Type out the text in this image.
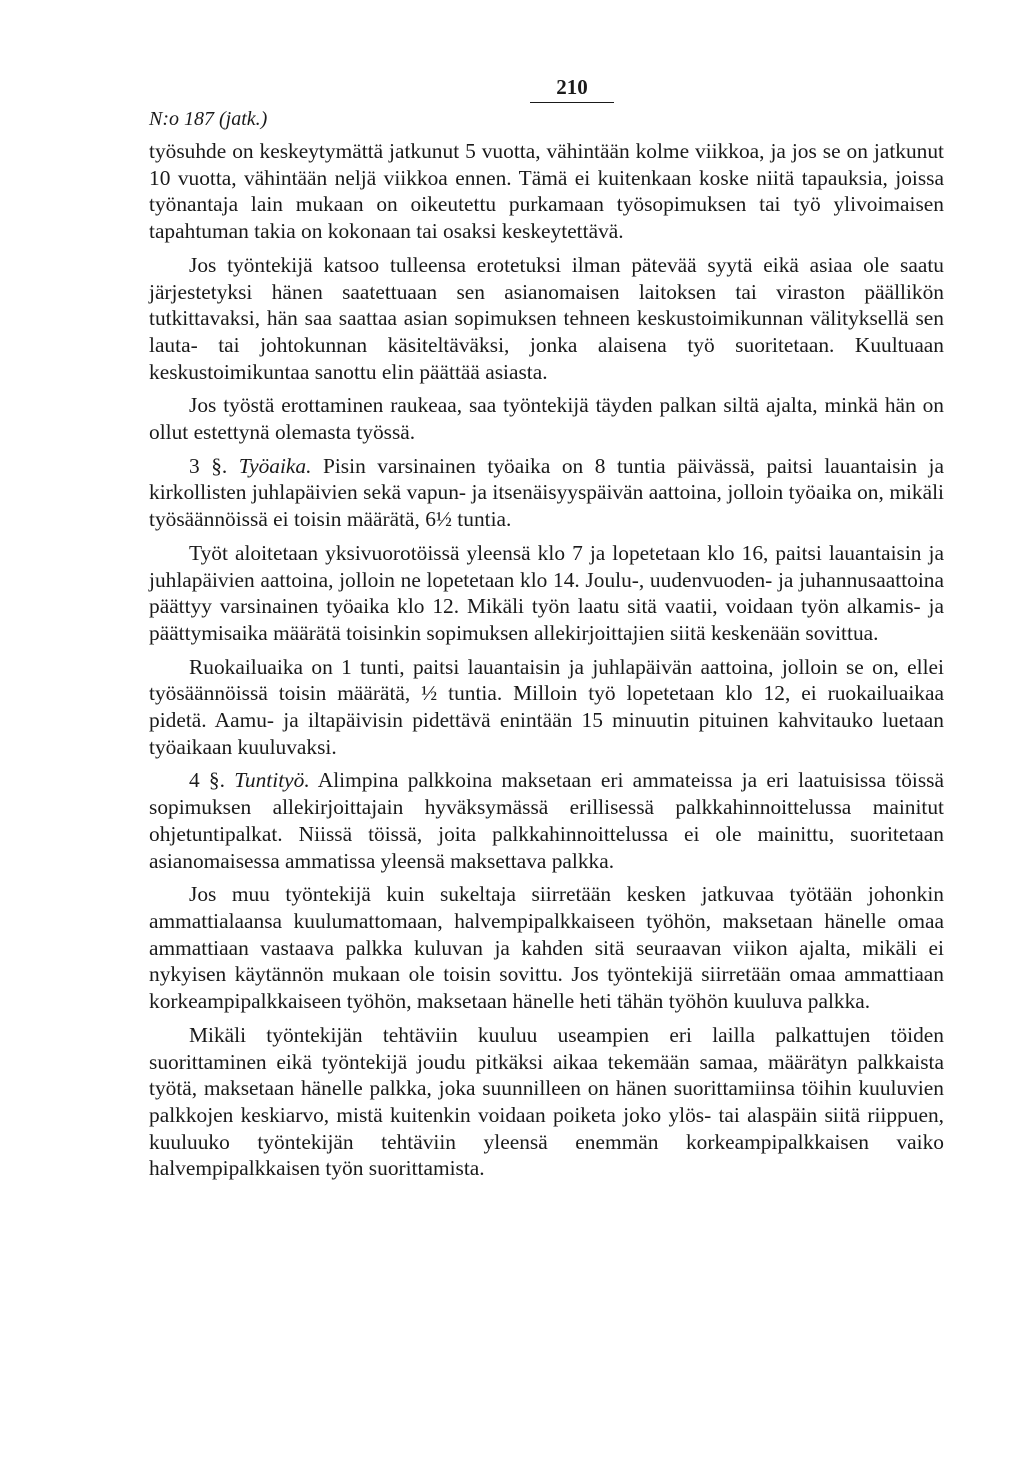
210
N:o 187 (jatk.)

työsuhde on keskeytymättä jatkunut 5 vuotta, vähintään kolme viikkoa, ja jos se on jatkunut 10 vuotta, vähintään neljä viikkoa ennen. Tämä ei kuitenkaan koske niitä tapauksia, joissa työnantaja lain mukaan on oikeutettu purkamaan työsopimuksen tai työ ylivoimaisen tapahtuman takia on kokonaan tai osaksi keskeytettävä.

Jos työntekijä katsoo tulleensa erotetuksi ilman pätevää syytä eikä asiaa ole saatu järjestetyksi hänen saatettuaan sen asianomaisen laitoksen tai viraston päällikön tutkittavaksi, hän saa saattaa asian sopimuksen tehneen keskustoimikunnan välityksellä sen lauta- tai johtokunnan käsiteltäväksi, jonka alaisena työ suoritetaan. Kuultuaan keskustoimikuntaa sanottu elin päättää asiasta.

Jos työstä erottaminen raukeaa, saa työntekijä täyden palkan siltä ajalta, minkä hän on ollut estettynä olemasta työssä.

3 §. Työaika. Pisin varsinainen työaika on 8 tuntia päivässä, paitsi lauantaisin ja kirkollisten juhlapäivien sekä vapun- ja itsenäisyyspäivän aattoina, jolloin työaika on, mikäli työsäännöissä ei toisin määrätä, 6½ tuntia.

Työt aloitetaan yksivuorotöissä yleensä klo 7 ja lopetetaan klo 16, paitsi lauantaisin ja juhlapäivien aattoina, jolloin ne lopetetaan klo 14. Joulu-, uudenvuoden- ja juhannusaattoina päättyy varsinainen työaika klo 12. Mikäli työn laatu sitä vaatii, voidaan työn alkamis- ja päättymisaika määrätä toisinkin sopimuksen allekirjoittajien siitä keskenään sovittua.

Ruokailuaika on 1 tunti, paitsi lauantaisin ja juhlapäivän aattoina, jolloin se on, ellei työsäännöissä toisin määrätä, ½ tuntia. Milloin työ lopetetaan klo 12, ei ruokailuaikaa pidetä. Aamu- ja iltapäivisin pidettävä enintään 15 minuutin pituinen kahvitauko luetaan työaikaan kuuluvaksi.

4 §. Tuntityö. Alimpina palkkoina maksetaan eri ammateissa ja eri laatuisissa töissä sopimuksen allekirjoittajain hyväksymässä erillisessä palkkahinnoittelussa mainitut ohjetuntipalkat. Niissä töissä, joita palkkahinnoittelussa ei ole mainittu, suoritetaan asianomaisessa ammatissa yleensä maksettava palkka.

Jos muu työntekijä kuin sukeltaja siirretään kesken jatkuvaa työtään johonkin ammattialaansa kuulumattomaan, halvempipalkkaiseen työhön, maksetaan hänelle omaa ammattiaan vastaava palkka kuluvan ja kahden sitä seuraavan viikon ajalta, mikäli ei nykyisen käytännön mukaan ole toisin sovittu. Jos työntekijä siirretään omaa ammattiaan korkeampipalkkaiseen työhön, maksetaan hänelle heti tähän työhön kuuluva palkka.

Mikäli työntekijän tehtäviin kuuluu useampien eri lailla palkattujen töiden suorittaminen eikä työntekijä joudu pitkäksi aikaa tekemään samaa, määrätyn palkkaista työtä, maksetaan hänelle palkka, joka suunnilleen on hänen suorittamiinsa töihin kuuluvien palkkojen keskiarvo, mistä kuitenkin voidaan poiketa joko ylös- tai alaspäin siitä riippuen, kuuluuko työntekijän tehtäviin yleensä enemmän korkeampipalkkaisen vaiko halvempipalkkaisen työn suorittamista.
